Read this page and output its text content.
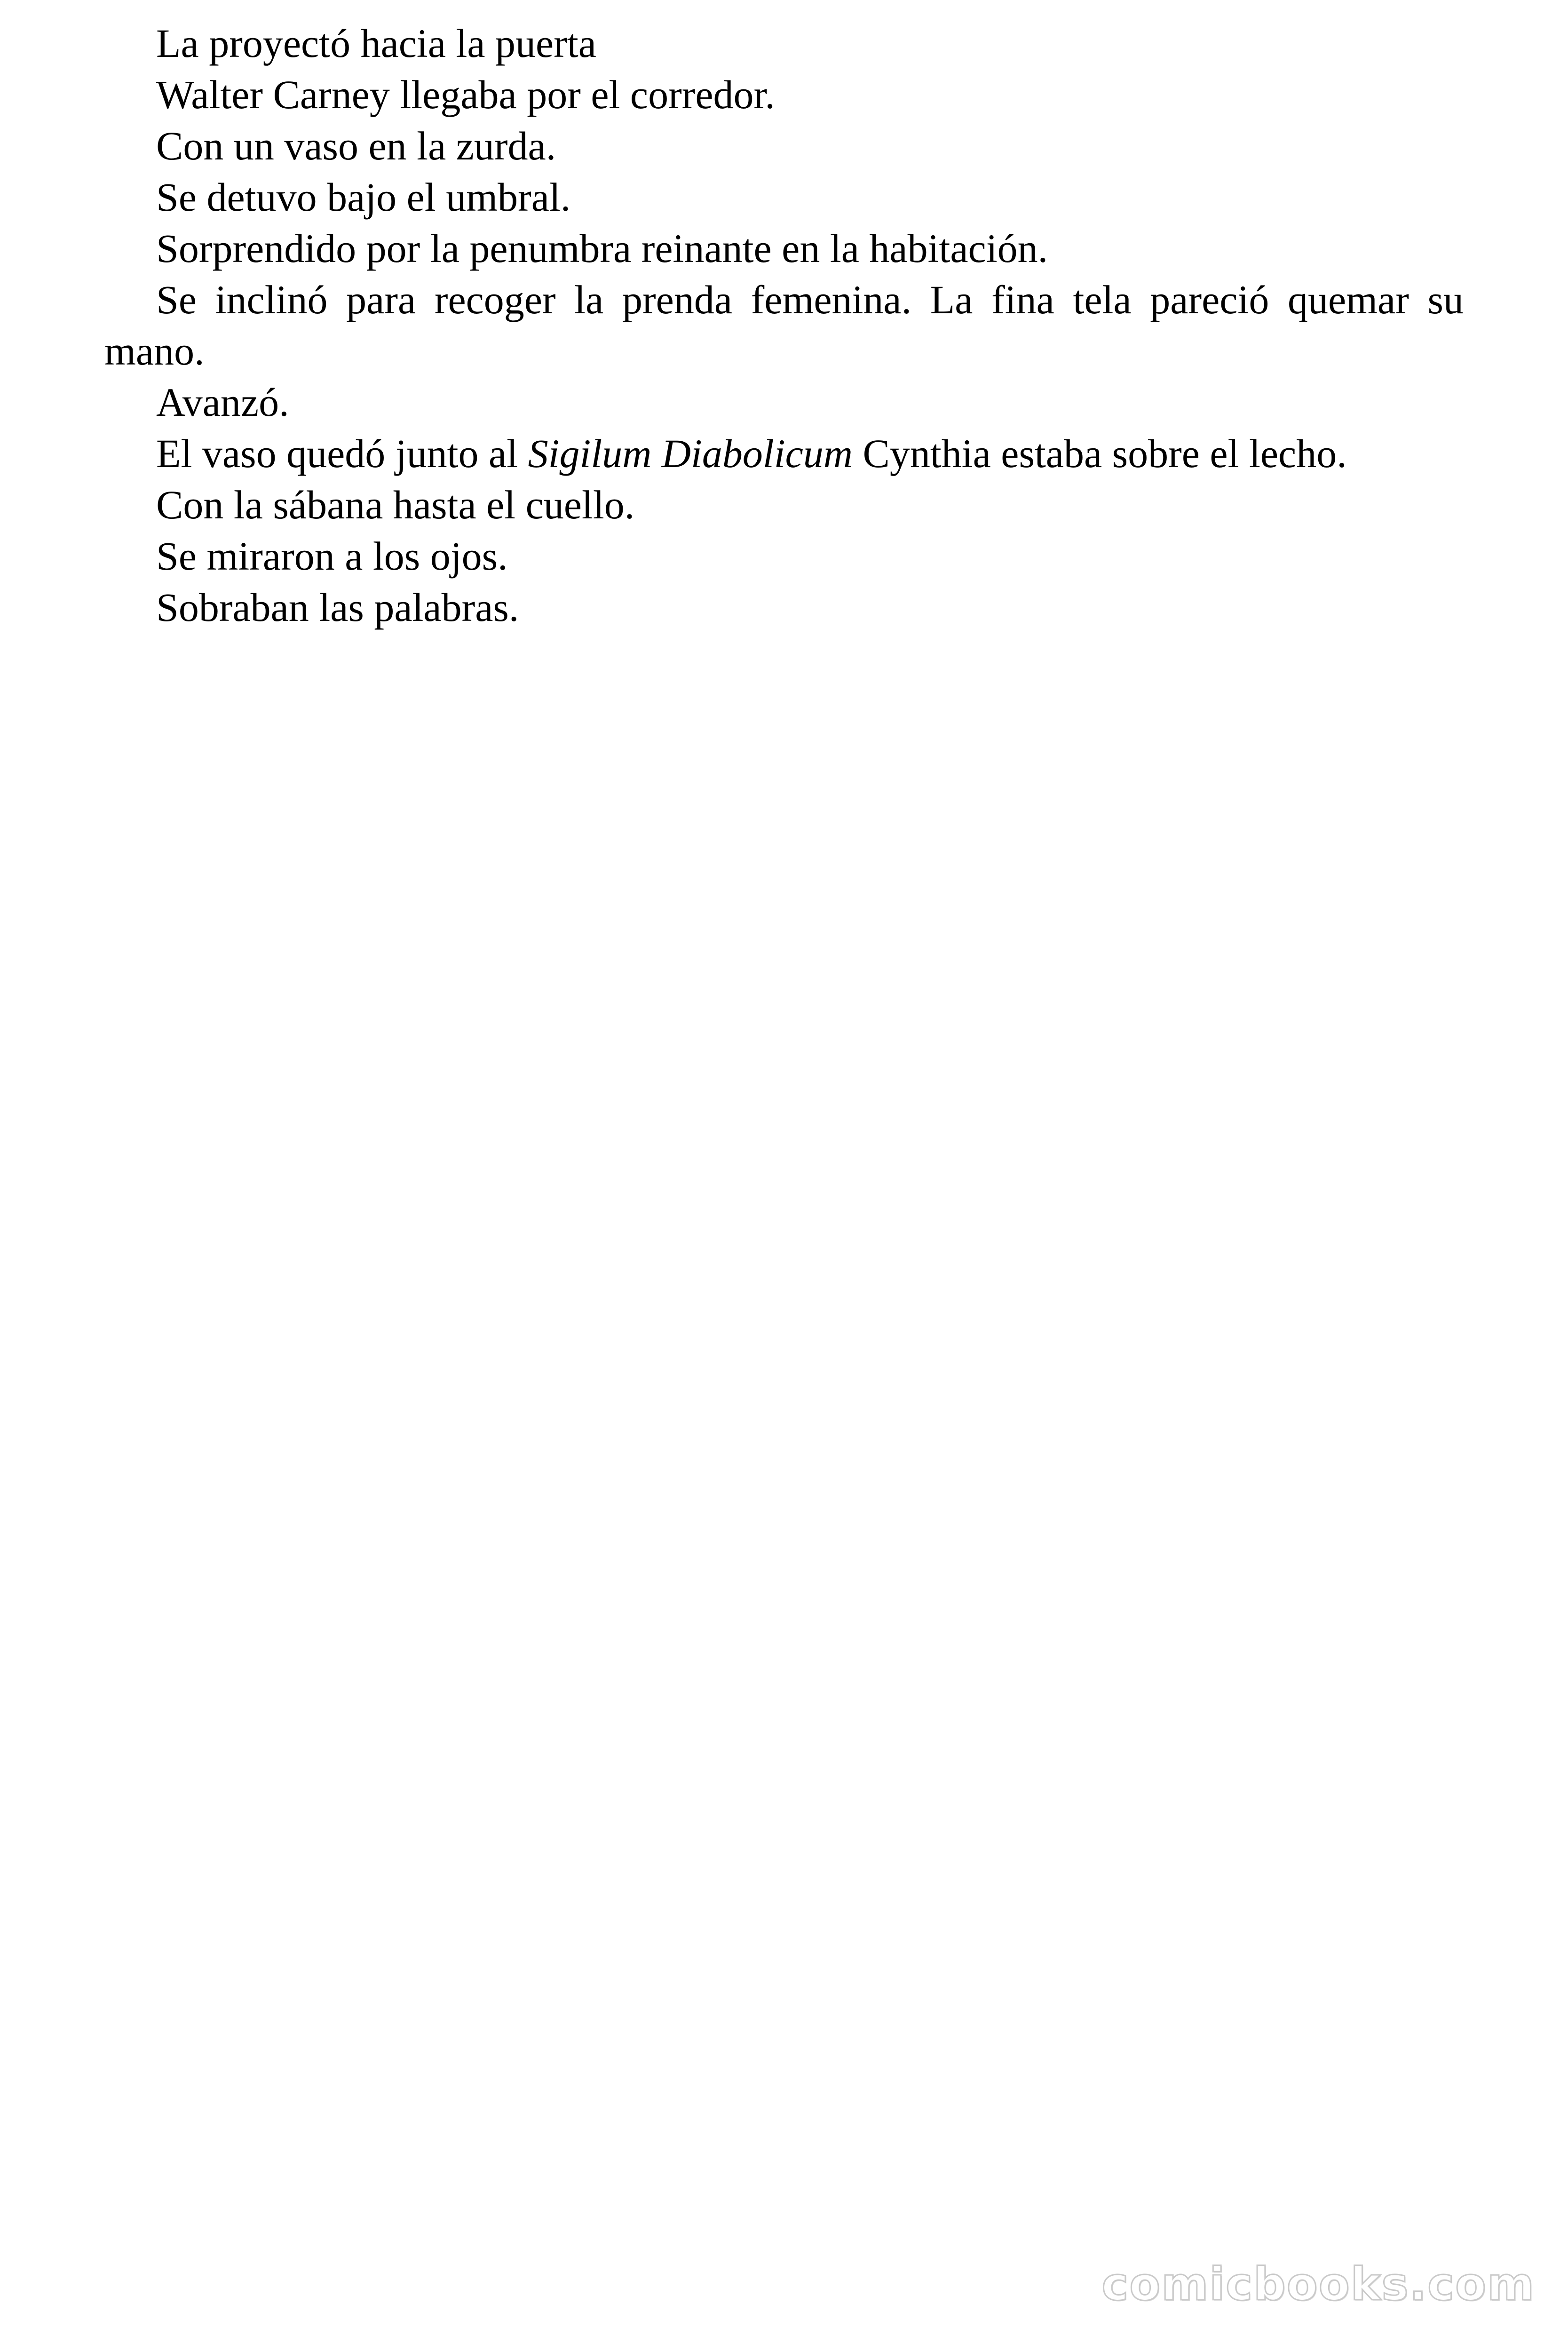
La proyectó hacia la puerta

Walter Carney llegaba por el corredor.

Con un vaso en la zurda.

Se detuvo bajo el umbral.

Sorprendido por la penumbra reinante en la habitación.

Se inclinó para recoger la prenda femenina. La fina tela pareció quemar su mano.

Avanzó.

El vaso quedó junto al Sigilum Diabolicum Cynthia estaba sobre el lecho.

Con la sábana hasta el cuello.

Se miraron a los ojos.

Sobraban las palabras.

comicbooks.com
